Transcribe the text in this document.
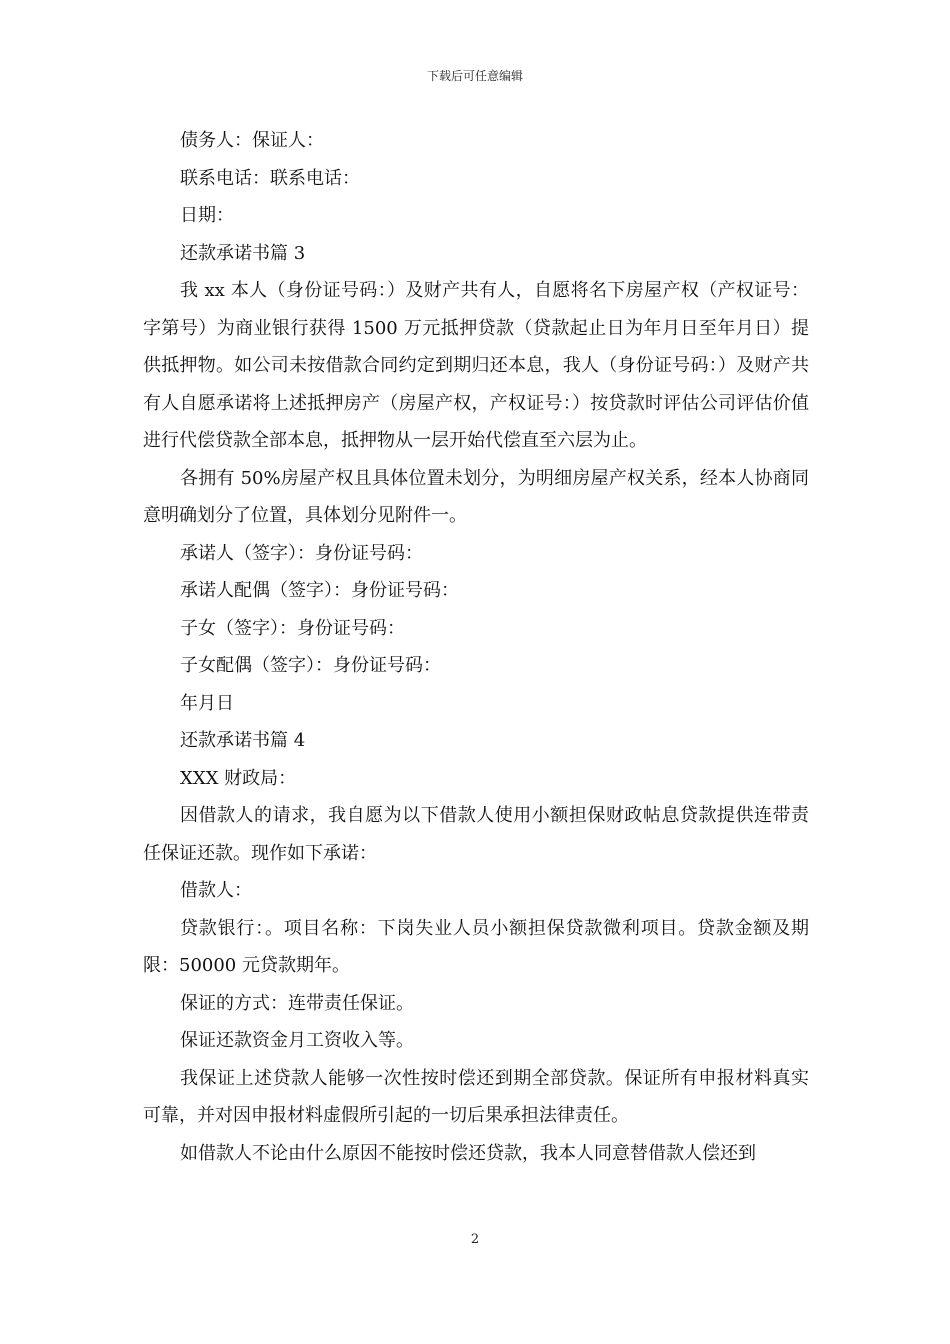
下载后可任意编辑

债务人：保证人：

联系电话：联系电话：

日期：

还款承诺书篇 3

我 xx 本人（身份证号码：）及财产共有人，自愿将名下房屋产权（产权证号：字第号）为商业银行获得 1500 万元抵押贷款（贷款起止日为年月日至年月日）提供抵押物。如公司未按借款合同约定到期归还本息，我人（身份证号码：）及财产共有人自愿承诺将上述抵押房产（房屋产权，产权证号：）按贷款时评估公司评估价值进行代偿贷款全部本息，抵押物从一层开始代偿直至六层为止。

各拥有 50%房屋产权且具体位置未划分，为明细房屋产权关系，经本人协商同意明确划分了位置，具体划分见附件一。

承诺人（签字）：身份证号码：

承诺人配偶（签字）：身份证号码：

子女（签字）：身份证号码：

子女配偶（签字）：身份证号码：

年月日

还款承诺书篇 4

XXX 财政局：

因借款人的请求，我自愿为以下借款人使用小额担保财政帖息贷款提供连带责任保证还款。现作如下承诺：

借款人：

贷款银行：。项目名称：下岗失业人员小额担保贷款微利项目。贷款金额及期限：50000 元贷款期年。

保证的方式：连带责任保证。

保证还款资金月工资收入等。

我保证上述贷款人能够一次性按时偿还到期全部贷款。保证所有申报材料真实可靠，并对因申报材料虚假所引起的一切后果承担法律责任。

如借款人不论由什么原因不能按时偿还贷款，我本人同意替借款人偿还到

2
